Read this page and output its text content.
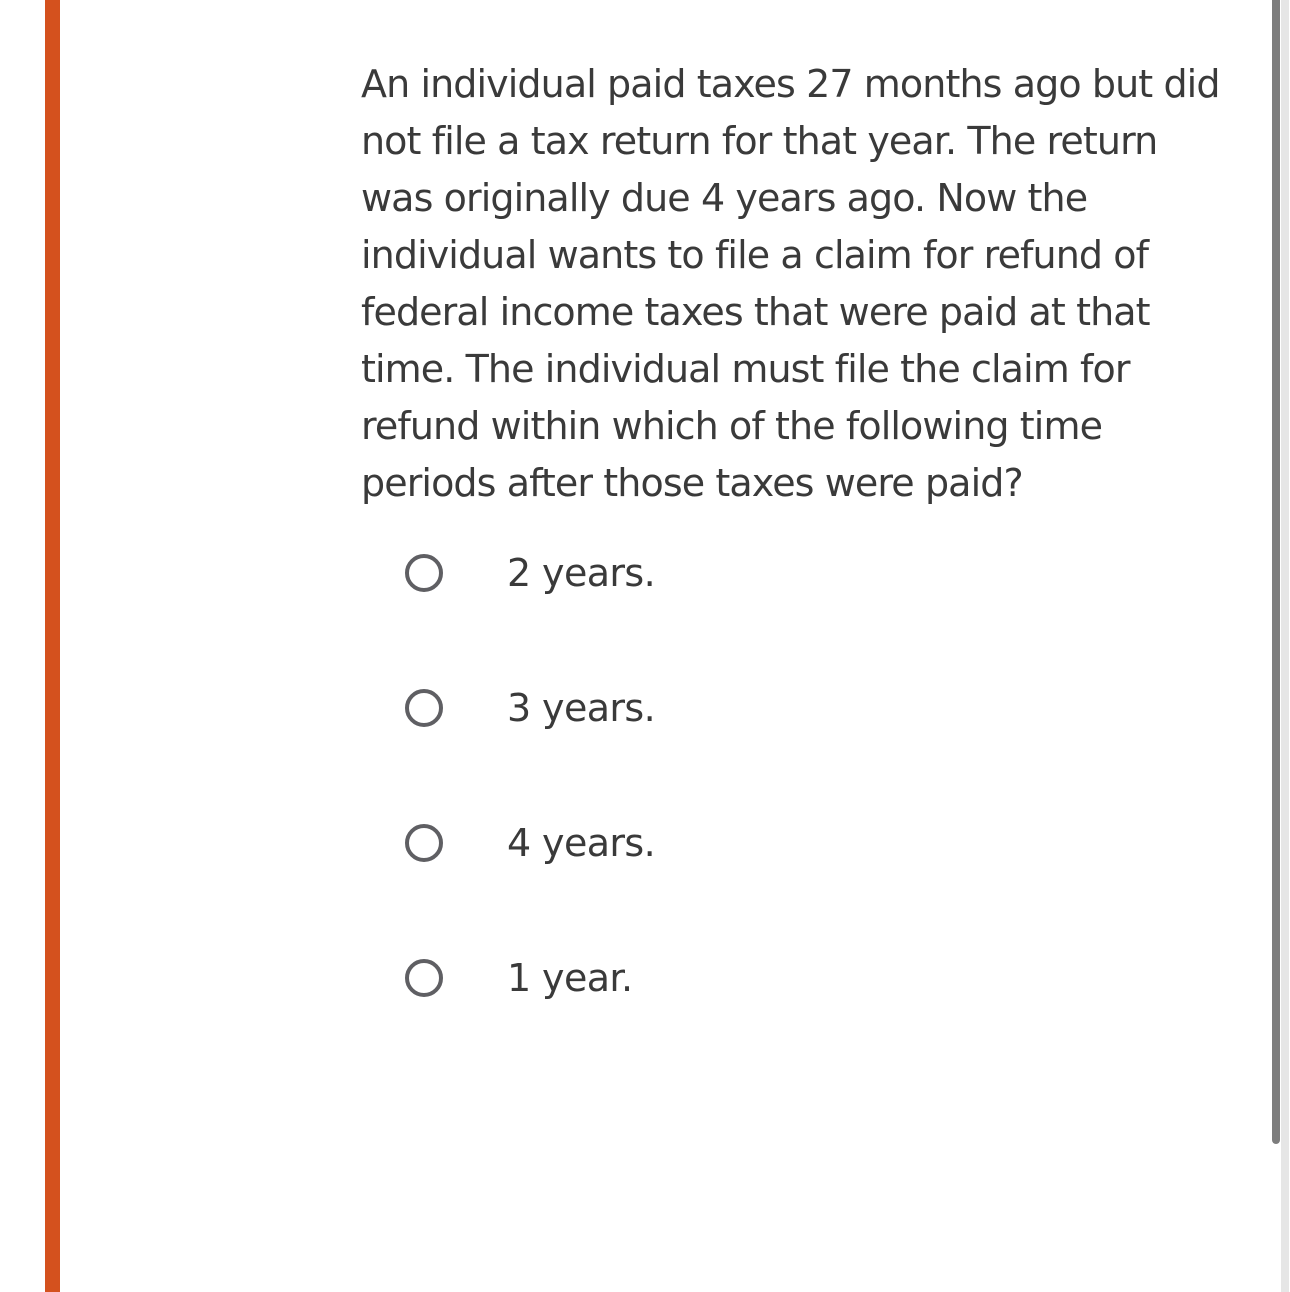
An individual paid taxes 27 months ago but did not file a tax return for that year. The return was originally due 4 years ago. Now the individual wants to file a claim for refund of federal income taxes that were paid at that time. The individual must file the claim for refund within which of the following time periods after those taxes were paid?

2 years.
3 years.
4 years.
1 year.
